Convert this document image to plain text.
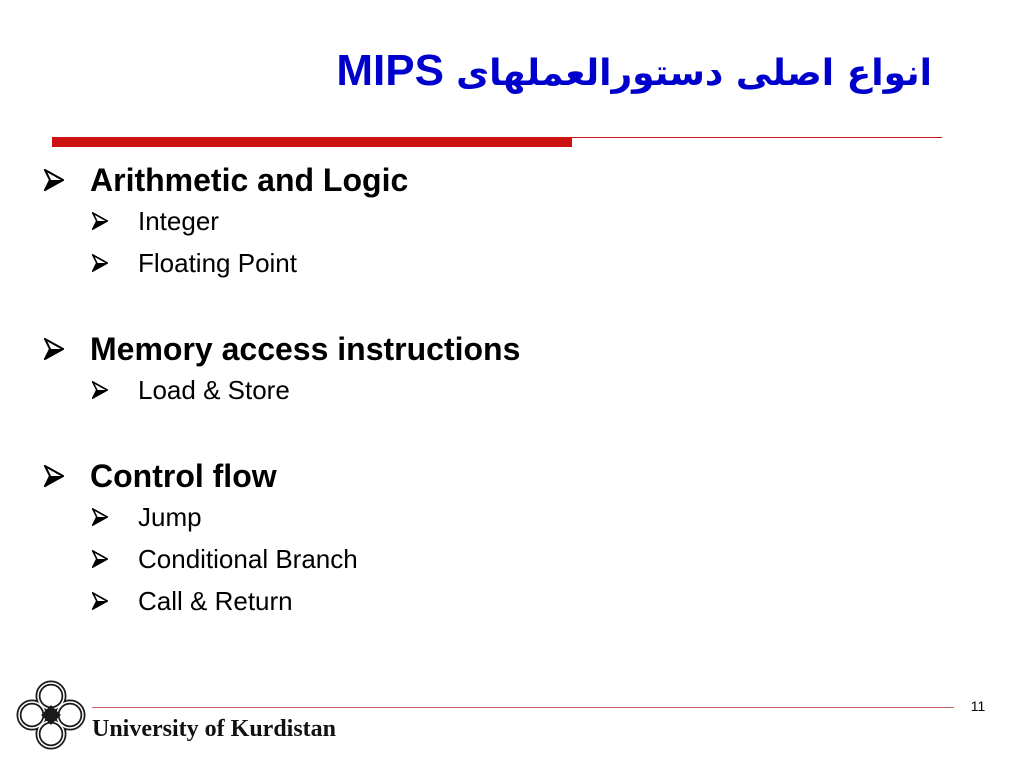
MIPS انواع اصلی دستورالعملهای
Arithmetic and Logic
Integer
Floating Point
Memory access instructions
Load & Store
Control flow
Jump
Conditional Branch
Call & Return
11
University of Kurdistan
